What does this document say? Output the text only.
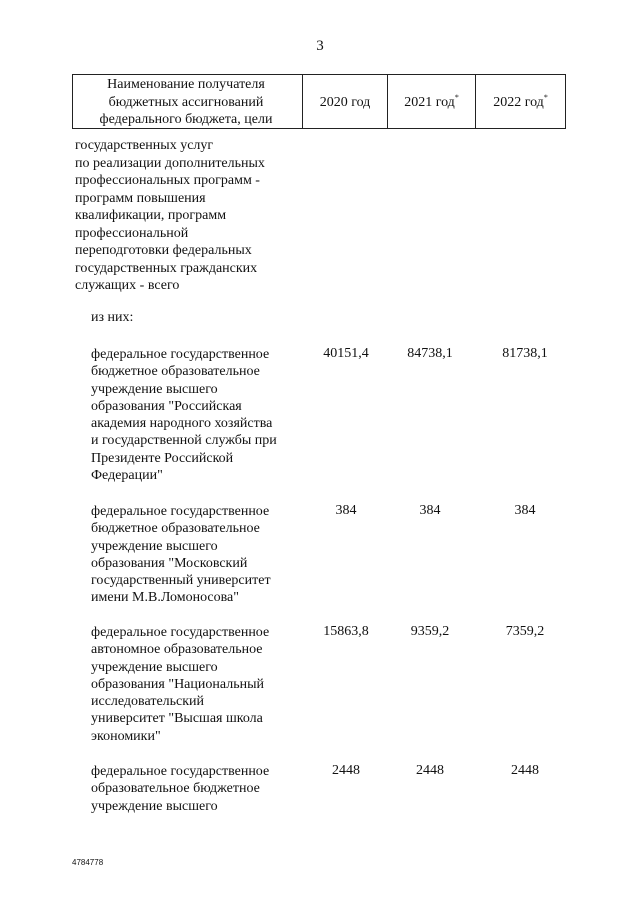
3
Наименование получателя
бюджетных ассигнований
федерального бюджета, цели
2020 год	2021 год*	2022 год*
государственных услуг
по реализации дополнительных
профессиональных программ -
программ повышения
квалификации, программ
профессиональной
переподготовки федеральных
государственных гражданских
служащих - всего
из них:
федеральное государственное
бюджетное образовательное
учреждение высшего
образования "Российская
академия народного хозяйства
и государственной службы при
Президенте Российской
Федерации"
40151,4	84738,1	81738,1
федеральное государственное
бюджетное образовательное
учреждение высшего
образования "Московский
государственный университет
имени М.В.Ломоносова"
384	384	384
федеральное государственное
автономное образовательное
учреждение высшего
образования "Национальный
исследовательский
университет "Высшая школа
экономики"
15863,8	9359,2	7359,2
федеральное государственное
образовательное бюджетное
учреждение высшего
2448	2448	2448
4784778
